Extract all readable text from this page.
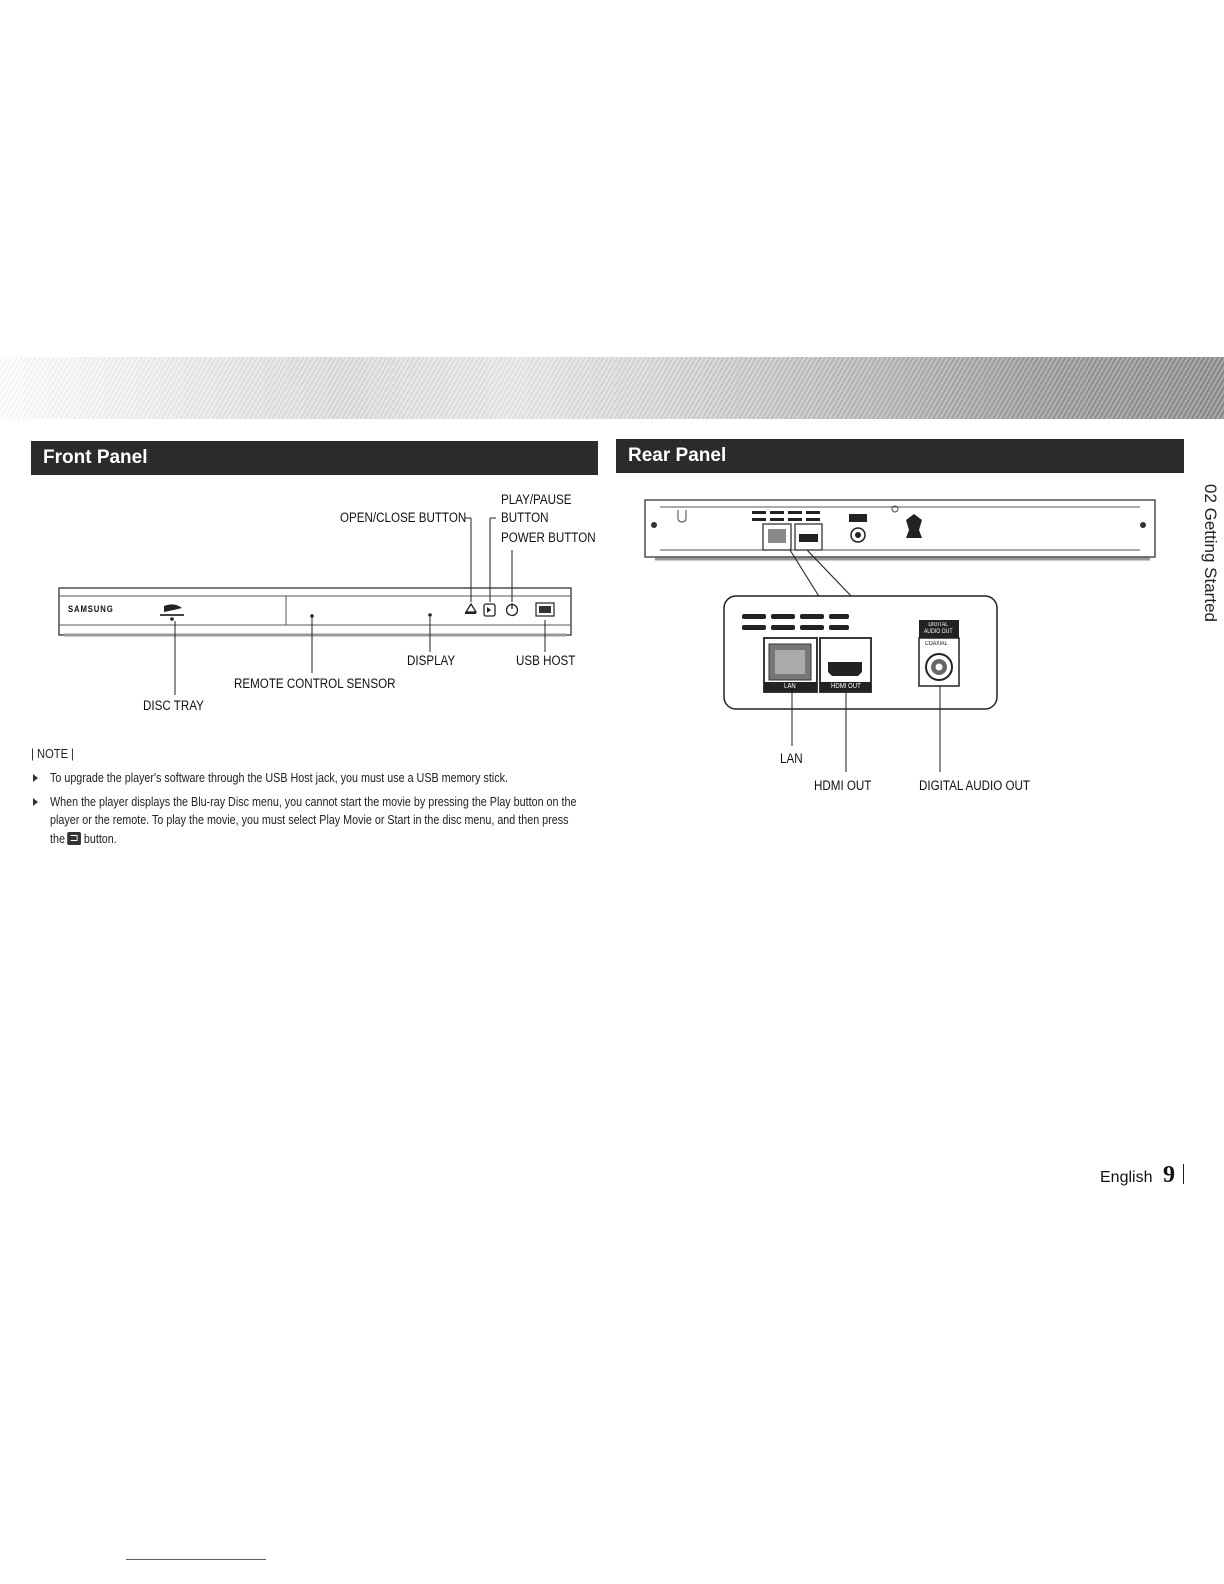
Front Panel
SAMSUNG
PLAY/PAUSE
BUTTON
OPEN/CLOSE BUTTON
POWER BUTTON
DISPLAY	USB HOST
REMOTE CONTROL SENSOR
DISC TRAY
| NOTE |
To upgrade the player's software through the USB Host jack, you must use a USB memory stick.
When the player displays the Blu-ray Disc menu, you cannot start the movie by pressing the Play button on the
player or the remote. To play the movie, you must select Play Movie or Start in the disc menu, and then press
the button.
Rear Panel
LAN	HDMI OUT
DIGITAL AUDIO OUT
COAXIAL
LAN
HDMI OUT	DIGITAL AUDIO OUT
02 Getting Started
English 9
